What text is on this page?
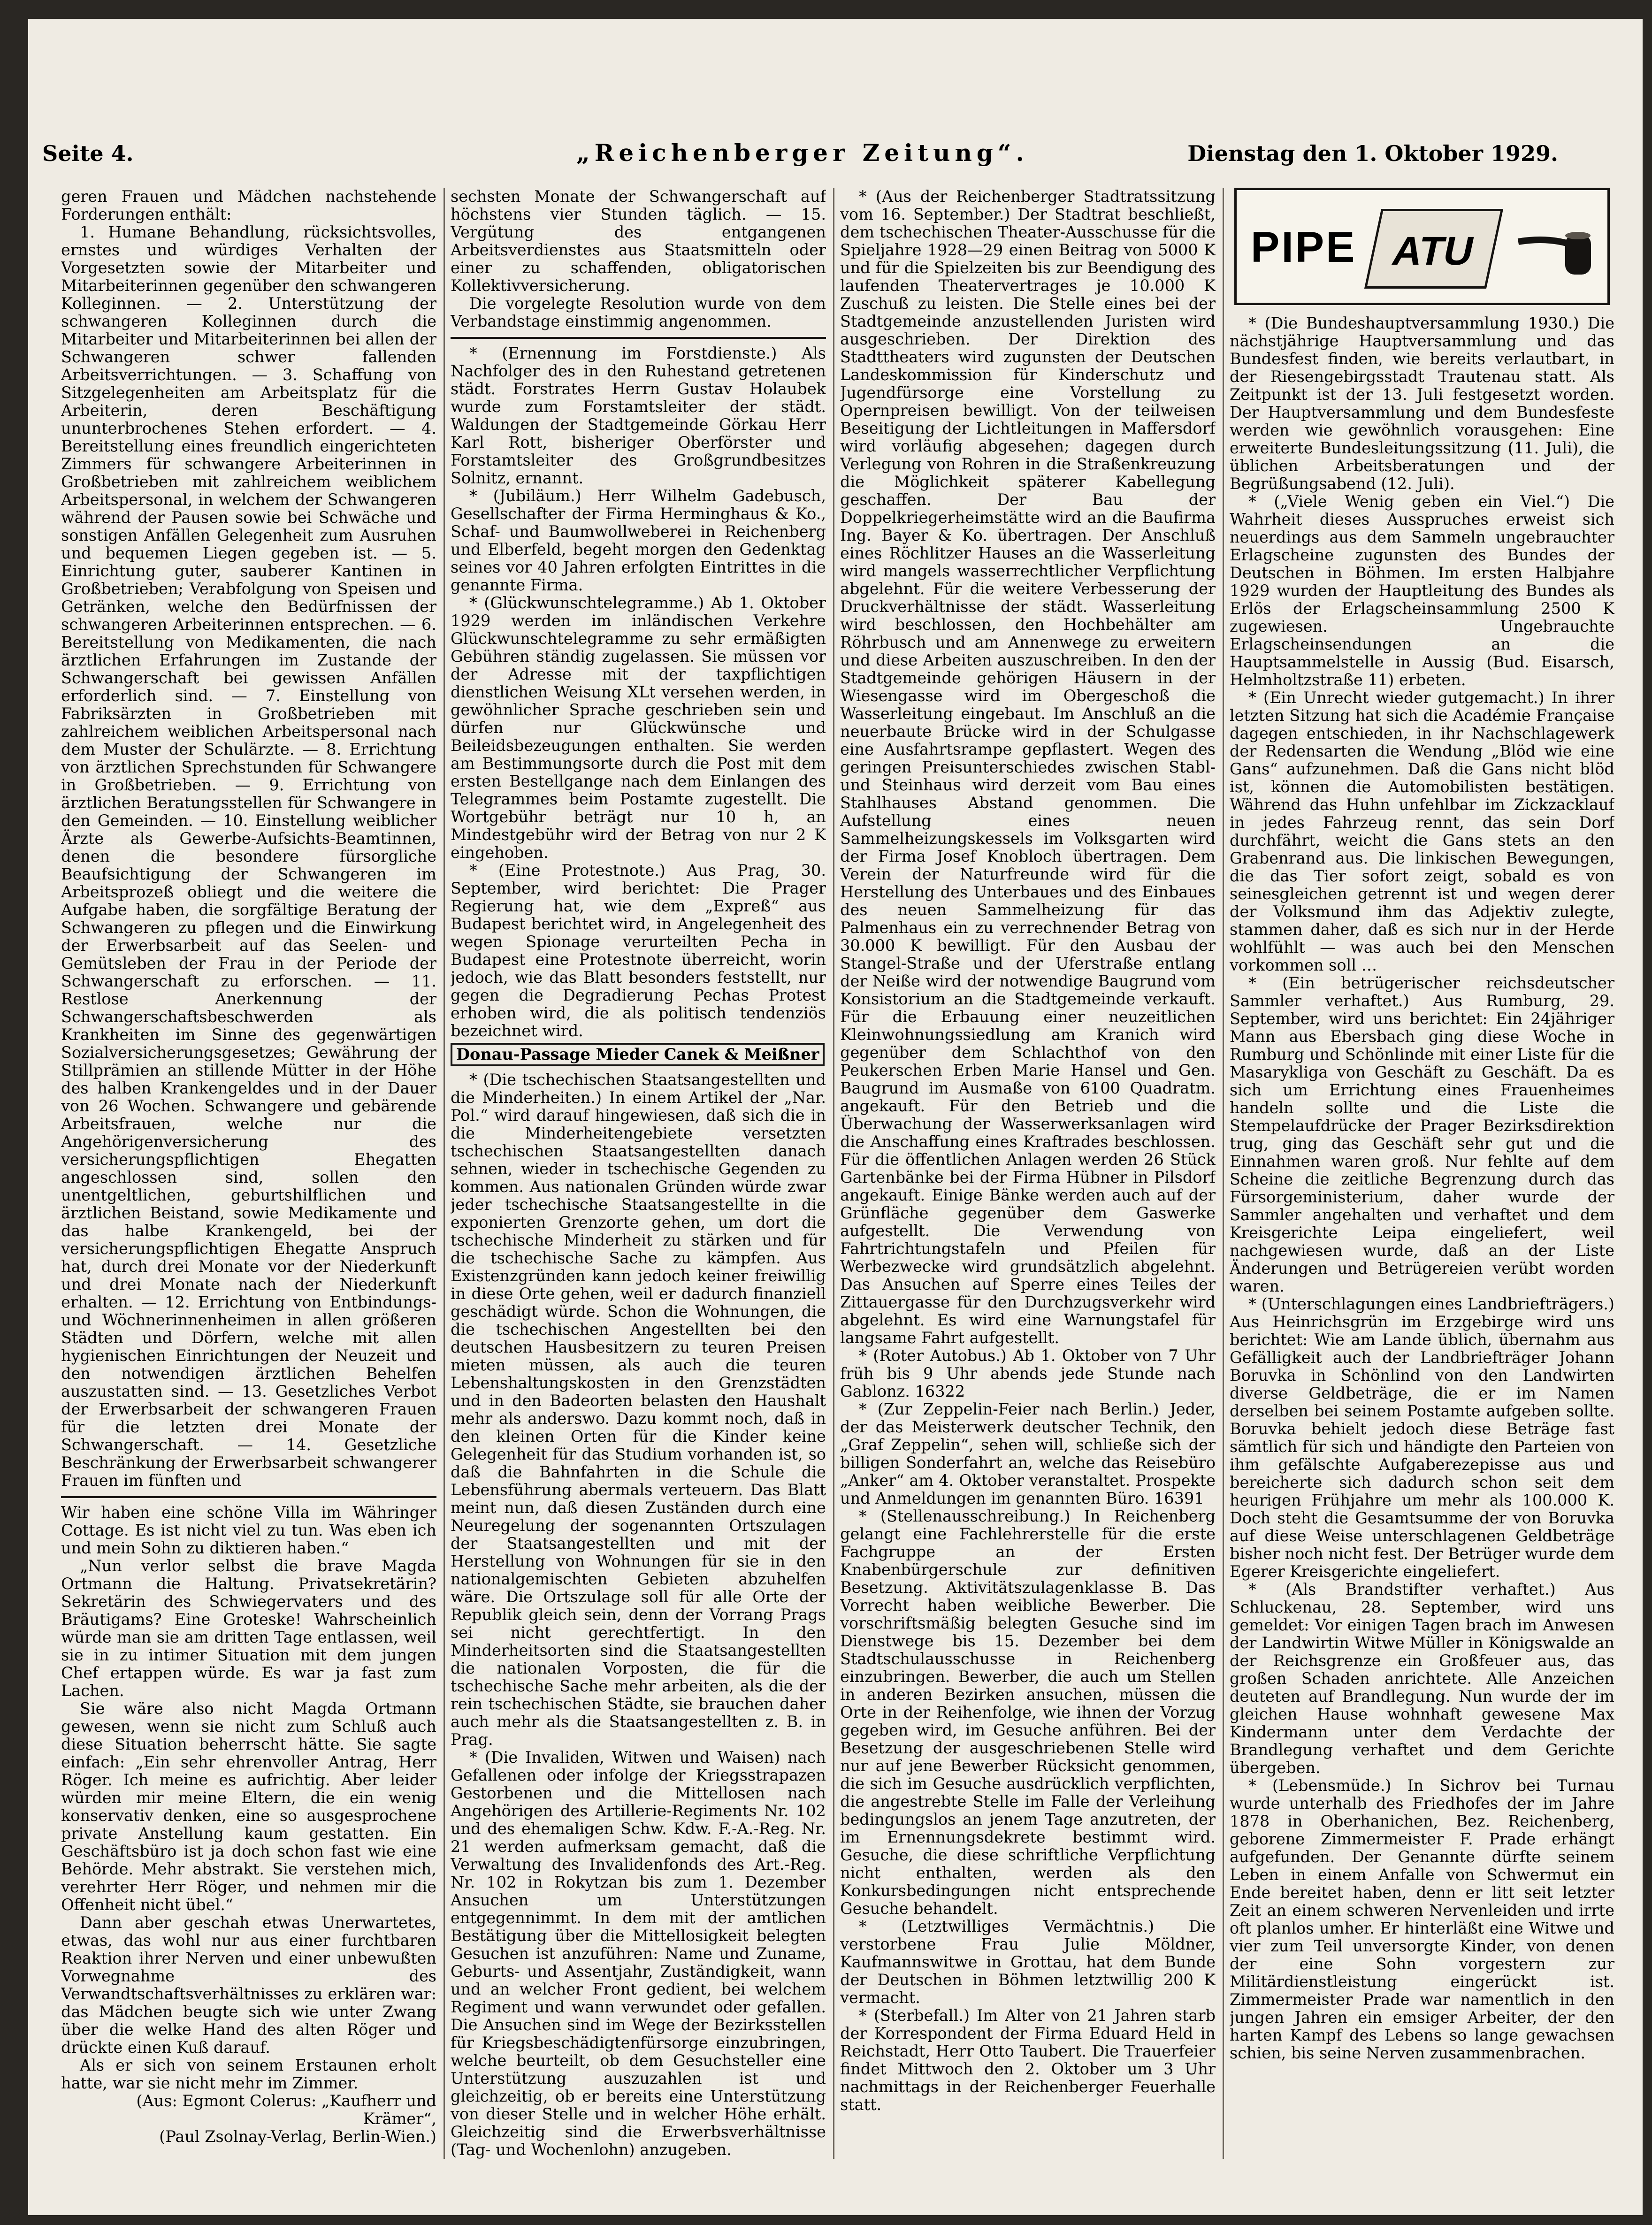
Seite 4.	„Reichenberger Zeitung“.	Dienstag den 1. Oktober 1929.

geren Frauen und Mädchen nachstehende Forderungen enthält:

1. Humane Behandlung, rücksichtsvolles, ernstes und würdiges Verhalten der Vorgesetzten sowie der Mitarbeiter und Mitarbeiterinnen gegenüber den schwangeren Kolleginnen. — 2. Unterstützung der schwangeren Kolleginnen durch die Mitarbeiter und Mitarbeiterinnen bei allen der Schwangeren schwer fallenden Arbeitsverrichtungen. — 3. Schaffung von Sitzgelegenheiten am Arbeitsplatz für die Arbeiterin, deren Beschäftigung ununterbrochenes Stehen erfordert. — 4. Bereitstellung eines freundlich eingerichteten Zimmers für schwangere Arbeiterinnen in Großbetrieben mit zahlreichem weiblichem Arbeitspersonal, in welchem der Schwangeren während der Pausen sowie bei Schwäche und sonstigen Anfällen Gelegenheit zum Ausruhen und bequemen Liegen gegeben ist. — 5. Einrichtung guter, sauberer Kantinen in Großbetrieben; Verabfolgung von Speisen und Getränken, welche den Bedürfnissen der schwangeren Arbeiterinnen entsprechen. — 6. Bereitstellung von Medikamenten, die nach ärztlichen Erfahrungen im Zustande der Schwangerschaft bei gewissen Anfällen erforderlich sind. — 7. Einstellung von Fabriksärzten in Großbetrieben mit zahlreichem weiblichen Arbeitspersonal nach dem Muster der Schulärzte. — 8. Errichtung von ärztlichen Sprechstunden für Schwangere in Großbetrieben. — 9. Errichtung von ärztlichen Beratungsstellen für Schwangere in den Gemeinden. — 10. Einstellung weiblicher Ärzte als Gewerbe-Aufsichts-Beamtinnen, denen die besondere fürsorgliche Beaufsichtigung der Schwangeren im Arbeitsprozeß obliegt und die weitere die Aufgabe haben, die sorgfältige Beratung der Schwangeren zu pflegen und die Einwirkung der Erwerbsarbeit auf das Seelen- und Gemütsleben der Frau in der Periode der Schwangerschaft zu erforschen. — 11. Restlose Anerkennung der Schwangerschaftsbeschwerden als Krankheiten im Sinne des gegenwärtigen Sozialversicherungsgesetzes; Gewährung der Stillprämien an stillende Mütter in der Höhe des halben Krankengeldes und in der Dauer von 26 Wochen. Schwangere und gebärende Arbeitsfrauen, welche nur die Angehörigenversicherung des versicherungspflichtigen Ehegatten angeschlossen sind, sollen den unentgeltlichen, geburtshilflichen und ärztlichen Beistand, sowie Medikamente und das halbe Krankengeld, bei der versicherungspflichtigen Ehegatte Anspruch hat, durch drei Monate vor der Niederkunft und drei Monate nach der Niederkunft erhalten. — 12. Errichtung von Entbindungs- und Wöchnerinnenheimen in allen größeren Städten und Dörfern, welche mit allen hygienischen Einrichtungen der Neuzeit und den notwendigen ärztlichen Behelfen auszustatten sind. — 13. Gesetzliches Verbot der Erwerbsarbeit der schwangeren Frauen für die letzten drei Monate der Schwangerschaft. — 14. Gesetzliche Beschränkung der Erwerbsarbeit schwangerer Frauen im fünften und

Wir haben eine schöne Villa im Währinger Cottage. Es ist nicht viel zu tun. Was eben ich und mein Sohn zu diktieren haben.“

„Nun verlor selbst die brave Magda Ortmann die Haltung. Privatsekretärin? Sekretärin des Schwiegervaters und des Bräutigams? Eine Groteske! Wahrscheinlich würde man sie am dritten Tage entlassen, weil sie in zu intimer Situation mit dem jungen Chef ertappen würde. Es war ja fast zum Lachen.

Sie wäre also nicht Magda Ortmann gewesen, wenn sie nicht zum Schluß auch diese Situation beherrscht hätte. Sie sagte einfach: „Ein sehr ehrenvoller Antrag, Herr Röger. Ich meine es aufrichtig. Aber leider würden mir meine Eltern, die ein wenig konservativ denken, eine so ausgesprochene private Anstellung kaum gestatten. Ein Geschäftsbüro ist ja doch schon fast wie eine Behörde. Mehr abstrakt. Sie verstehen mich, verehrter Herr Röger, und nehmen mir die Offenheit nicht übel.“

Dann aber geschah etwas Unerwartetes, etwas, das wohl nur aus einer furchtbaren Reaktion ihrer Nerven und einer unbewußten Vorwegnahme des Verwandtschaftsverhältnisses zu erklären war: das Mädchen beugte sich wie unter Zwang über die welke Hand des alten Röger und drückte einen Kuß darauf.

Als er sich von seinem Erstaunen erholt hatte, war sie nicht mehr im Zimmer.

(Aus: Egmont Colerus: „Kaufherr und Krämer“,

(Paul Zsolnay-Verlag, Berlin-Wien.)

sechsten Monate der Schwangerschaft auf höchstens vier Stunden täglich. — 15. Vergütung des entgangenen Arbeitsverdienstes aus Staatsmitteln oder einer zu schaffenden, obligatorischen Kollektivversicherung.

Die vorgelegte Resolution wurde von dem Verbandstage einstimmig angenommen.

* (Ernennung im Forstdienste.) Als Nachfolger des in den Ruhestand getretenen städt. Forstrates Herrn Gustav Holaubek wurde zum Forstamtsleiter der städt. Waldungen der Stadtgemeinde Görkau Herr Karl Rott, bisheriger Oberförster und Forstamtsleiter des Großgrundbesitzes Solnitz, ernannt.

* (Jubiläum.) Herr Wilhelm Gadebusch, Gesellschafter der Firma Herminghaus & Ko., Schaf- und Baumwollweberei in Reichenberg und Elberfeld, begeht morgen den Gedenktag seines vor 40 Jahren erfolgten Eintrittes in die genannte Firma.

* (Glückwunschtelegramme.) Ab 1. Oktober 1929 werden im inländischen Verkehre Glückwunschtelegramme zu sehr ermäßigten Gebühren ständig zugelassen. Sie müssen vor der Adresse mit der taxpflichtigen dienstlichen Weisung XLt versehen werden, in gewöhnlicher Sprache geschrieben sein und dürfen nur Glückwünsche und Beileidsbezeugungen enthalten. Sie werden am Bestimmungsorte durch die Post mit dem ersten Bestellgange nach dem Einlangen des Telegrammes beim Postamte zugestellt. Die Wortgebühr beträgt nur 10 h, an Mindestgebühr wird der Betrag von nur 2 K eingehoben.

* (Eine Protestnote.) Aus Prag, 30. September, wird berichtet: Die Prager Regierung hat, wie dem „Expreß“ aus Budapest berichtet wird, in Angelegenheit des wegen Spionage verurteilten Pecha in Budapest eine Protestnote überreicht, worin jedoch, wie das Blatt besonders feststellt, nur gegen die Degradierung Pechas Protest erhoben wird, die als politisch tendenziös bezeichnet wird.

Donau-Passage Mieder Canek & Meißner

* (Die tschechischen Staatsangestellten und die Minderheiten.) In einem Artikel der „Nar. Pol.“ wird darauf hingewiesen, daß sich die in die Minderheitengebiete versetzten tschechischen Staatsangestellten danach sehnen, wieder in tschechische Gegenden zu kommen. Aus nationalen Gründen würde zwar jeder tschechische Staatsangestellte in die exponierten Grenzorte gehen, um dort die tschechische Minderheit zu stärken und für die tschechische Sache zu kämpfen. Aus Existenzgründen kann jedoch keiner freiwillig in diese Orte gehen, weil er dadurch finanziell geschädigt würde. Schon die Wohnungen, die die tschechischen Angestellten bei den deutschen Hausbesitzern zu teuren Preisen mieten müssen, als auch die teuren Lebenshaltungskosten in den Grenzstädten und in den Badeorten belasten den Haushalt mehr als anderswo. Dazu kommt noch, daß in den kleinen Orten für die Kinder keine Gelegenheit für das Studium vorhanden ist, so daß die Bahnfahrten in die Schule die Lebensführung abermals verteuern. Das Blatt meint nun, daß diesen Zuständen durch eine Neuregelung der sogenannten Ortszulagen der Staatsangestellten und mit der Herstellung von Wohnungen für sie in den nationalgemischten Gebieten abzuhelfen wäre. Die Ortszulage soll für alle Orte der Republik gleich sein, denn der Vorrang Prags sei nicht gerechtfertigt. In den Minderheitsorten sind die Staatsangestellten die nationalen Vorposten, die für die tschechische Sache mehr arbeiten, als die der rein tschechischen Städte, sie brauchen daher auch mehr als die Staatsangestellten z. B. in Prag.

* (Die Invaliden, Witwen und Waisen) nach Gefallenen oder infolge der Kriegsstrapazen Gestorbenen und die Mittellosen nach Angehörigen des Artillerie-Regiments Nr. 102 und des ehemaligen Schw. Kdw. F.-A.-Reg. Nr. 21 werden aufmerksam gemacht, daß die Verwaltung des Invalidenfonds des Art.-Reg. Nr. 102 in Rokytzan bis zum 1. Dezember Ansuchen um Unterstützungen entgegennimmt. In dem mit der amtlichen Bestätigung über die Mittellosigkeit belegten Gesuchen ist anzuführen: Name und Zuname, Geburts- und Assentjahr, Zuständigkeit, wann und an welcher Front gedient, bei welchem Regiment und wann verwundet oder gefallen. Die Ansuchen sind im Wege der Bezirksstellen für Kriegsbeschädigtenfürsorge einzubringen, welche beurteilt, ob dem Gesuchsteller eine Unterstützung auszuzahlen ist und gleichzeitig, ob er bereits eine Unterstützung von dieser Stelle und in welcher Höhe erhält. Gleichzeitig sind die Erwerbsverhältnisse (Tag- und Wochenlohn) anzugeben.

* (Aus der Reichenberger Stadtratssitzung vom 16. September.) Der Stadtrat beschließt, dem tschechischen Theater-Ausschusse für die Spieljahre 1928—29 einen Beitrag von 5000 K und für die Spielzeiten bis zur Beendigung des laufenden Theatervertrages je 10.000 K Zuschuß zu leisten. Die Stelle eines bei der Stadtgemeinde anzustellenden Juristen wird ausgeschrieben. Der Direktion des Stadttheaters wird zugunsten der Deutschen Landeskommission für Kinderschutz und Jugendfürsorge eine Vorstellung zu Opernpreisen bewilligt. Von der teilweisen Beseitigung der Lichtleitungen in Maffersdorf wird vorläufig abgesehen; dagegen durch Verlegung von Rohren in die Straßenkreuzung die Möglichkeit späterer Kabellegung geschaffen. Der Bau der Doppelkriegerheimstätte wird an die Baufirma Ing. Bayer & Ko. übertragen. Der Anschluß eines Röchlitzer Hauses an die Wasserleitung wird mangels wasserrechtlicher Verpflichtung abgelehnt. Für die weitere Verbesserung der Druckverhältnisse der städt. Wasserleitung wird beschlossen, den Hochbehälter am Röhrbusch und am Annenwege zu erweitern und diese Arbeiten auszuschreiben. In den der Stadtgemeinde gehörigen Häusern in der Wiesengasse wird im Obergeschoß die Wasserleitung eingebaut. Im Anschluß an die neuerbaute Brücke wird in der Schulgasse eine Ausfahrtsrampe gepflastert. Wegen des geringen Preisunterschiedes zwischen Stabl- und Steinhaus wird derzeit vom Bau eines Stahlhauses Abstand genommen. Die Aufstellung eines neuen Sammelheizungskessels im Volksgarten wird der Firma Josef Knobloch übertragen. Dem Verein der Naturfreunde wird für die Herstellung des Unterbaues und des Einbaues des neuen Sammelheizung für das Palmenhaus ein zu verrechnender Betrag von 30.000 K bewilligt. Für den Ausbau der Stangel-Straße und der Uferstraße entlang der Neiße wird der notwendige Baugrund vom Konsistorium an die Stadtgemeinde verkauft. Für die Erbauung einer neuzeitlichen Kleinwohnungssiedlung am Kranich wird gegenüber dem Schlachthof von den Peukerschen Erben Marie Hansel und Gen. Baugrund im Ausmaße von 6100 Quadratm. angekauft. Für den Betrieb und die Überwachung der Wasserwerksanlagen wird die Anschaffung eines Kraftrades beschlossen. Für die öffentlichen Anlagen werden 26 Stück Gartenbänke bei der Firma Hübner in Pilsdorf angekauft. Einige Bänke werden auch auf der Grünfläche gegenüber dem Gaswerke aufgestellt. Die Verwendung von Fahrtrichtungstafeln und Pfeilen für Werbezwecke wird grundsätzlich abgelehnt. Das Ansuchen auf Sperre eines Teiles der Zittauergasse für den Durchzugsverkehr wird abgelehnt. Es wird eine Warnungstafel für langsame Fahrt aufgestellt.

* (Roter Autobus.) Ab 1. Oktober von 7 Uhr früh bis 9 Uhr abends jede Stunde nach Gablonz. 16322

* (Zur Zeppelin-Feier nach Berlin.) Jeder, der das Meisterwerk deutscher Technik, den „Graf Zeppelin“, sehen will, schließe sich der billigen Sonderfahrt an, welche das Reisebüro „Anker“ am 4. Oktober veranstaltet. Prospekte und Anmeldungen im genannten Büro. 16391

* (Stellenausschreibung.) In Reichenberg gelangt eine Fachlehrerstelle für die erste Fachgruppe an der Ersten Knabenbürgerschule zur definitiven Besetzung. Aktivitätszulagenklasse B. Das Vorrecht haben weibliche Bewerber. Die vorschriftsmäßig belegten Gesuche sind im Dienstwege bis 15. Dezember bei dem Stadtschulausschusse in Reichenberg einzubringen. Bewerber, die auch um Stellen in anderen Bezirken ansuchen, müssen die Orte in der Reihenfolge, wie ihnen der Vorzug gegeben wird, im Gesuche anführen. Bei der Besetzung der ausgeschriebenen Stelle wird nur auf jene Bewerber Rücksicht genommen, die sich im Gesuche ausdrücklich verpflichten, die angestrebte Stelle im Falle der Verleihung bedingungslos an jenem Tage anzutreten, der im Ernennungsdekrete bestimmt wird. Gesuche, die diese schriftliche Verpflichtung nicht enthalten, werden als den Konkursbedingungen nicht entsprechende Gesuche behandelt.

* (Letztwilliges Vermächtnis.) Die verstorbene Frau Julie Möldner, Kaufmannswitwe in Grottau, hat dem Bunde der Deutschen in Böhmen letztwillig 200 K vermacht.

* (Sterbefall.) Im Alter von 21 Jahren starb der Korrespondent der Firma Eduard Held in Reichstadt, Herr Otto Taubert. Die Trauerfeier findet Mittwoch den 2. Oktober um 3 Uhr nachmittags in der Reichenberger Feuerhalle statt.

PIPE ATU

* (Die Bundeshauptversammlung 1930.) Die nächstjährige Hauptversammlung und das Bundesfest finden, wie bereits verlautbart, in der Riesengebirgsstadt Trautenau statt. Als Zeitpunkt ist der 13. Juli festgesetzt worden. Der Hauptversammlung und dem Bundesfeste werden wie gewöhnlich vorausgehen: Eine erweiterte Bundesleitungssitzung (11. Juli), die üblichen Arbeitsberatungen und der Begrüßungsabend (12. Juli).

* („Viele Wenig geben ein Viel.“) Die Wahrheit dieses Ausspruches erweist sich neuerdings aus dem Sammeln ungebrauchter Erlagscheine zugunsten des Bundes der Deutschen in Böhmen. Im ersten Halbjahre 1929 wurden der Hauptleitung des Bundes als Erlös der Erlagscheinsammlung 2500 K zugewiesen. Ungebrauchte Erlagscheinsendungen an die Hauptsammelstelle in Aussig (Bud. Eisarsch, Helmholtzstraße 11) erbeten.

* (Ein Unrecht wieder gutgemacht.) In ihrer letzten Sitzung hat sich die Académie Française dagegen entschieden, in ihr Nachschlagewerk der Redensarten die Wendung „Blöd wie eine Gans“ aufzunehmen. Daß die Gans nicht blöd ist, können die Automobilisten bestätigen. Während das Huhn unfehlbar im Zickzacklauf in jedes Fahrzeug rennt, das sein Dorf durchfährt, weicht die Gans stets an den Grabenrand aus. Die linkischen Bewegungen, die das Tier sofort zeigt, sobald es von seinesgleichen getrennt ist und wegen derer der Volksmund ihm das Adjektiv zulegte, stammen daher, daß es sich nur in der Herde wohlfühlt — was auch bei den Menschen vorkommen soll …

* (Ein betrügerischer reichsdeutscher Sammler verhaftet.) Aus Rumburg, 29. September, wird uns berichtet: Ein 24jähriger Mann aus Ebersbach ging diese Woche in Rumburg und Schönlinde mit einer Liste für die Masarykliga von Geschäft zu Geschäft. Da es sich um Errichtung eines Frauenheimes handeln sollte und die Liste die Stempelaufdrücke der Prager Bezirksdirektion trug, ging das Geschäft sehr gut und die Einnahmen waren groß. Nur fehlte auf dem Scheine die zeitliche Begrenzung durch das Fürsorgeministerium, daher wurde der Sammler angehalten und verhaftet und dem Kreisgerichte Leipa eingeliefert, weil nachgewiesen wurde, daß an der Liste Änderungen und Betrügereien verübt worden waren.

* (Unterschlagungen eines Landbriefträgers.) Aus Heinrichsgrün im Erzgebirge wird uns berichtet: Wie am Lande üblich, übernahm aus Gefälligkeit auch der Landbriefträger Johann Boruvka in Schönlind von den Landwirten diverse Geldbeträge, die er im Namen derselben bei seinem Postamte aufgeben sollte. Boruvka behielt jedoch diese Beträge fast sämtlich für sich und händigte den Parteien von ihm gefälschte Aufgaberezepisse aus und bereicherte sich dadurch schon seit dem heurigen Frühjahre um mehr als 100.000 K. Doch steht die Gesamtsumme der von Boruvka auf diese Weise unterschlagenen Geldbeträge bisher noch nicht fest. Der Betrüger wurde dem Egerer Kreisgerichte eingeliefert.

* (Als Brandstifter verhaftet.) Aus Schluckenau, 28. September, wird uns gemeldet: Vor einigen Tagen brach im Anwesen der Landwirtin Witwe Müller in Königswalde an der Reichsgrenze ein Großfeuer aus, das großen Schaden anrichtete. Alle Anzeichen deuteten auf Brandlegung. Nun wurde der im gleichen Hause wohnhaft gewesene Max Kindermann unter dem Verdachte der Brandlegung verhaftet und dem Gerichte übergeben.

* (Lebensmüde.) In Sichrov bei Turnau wurde unterhalb des Friedhofes der im Jahre 1878 in Oberhanichen, Bez. Reichenberg, geborene Zimmermeister F. Prade erhängt aufgefunden. Der Genannte dürfte seinem Leben in einem Anfalle von Schwermut ein Ende bereitet haben, denn er litt seit letzter Zeit an einem schweren Nervenleiden und irrte oft planlos umher. Er hinterläßt eine Witwe und vier zum Teil unversorgte Kinder, von denen der eine Sohn vorgestern zur Militärdienstleistung eingerückt ist. Zimmermeister Prade war namentlich in den jungen Jahren ein emsiger Arbeiter, der den harten Kampf des Lebens so lange gewachsen schien, bis seine Nerven zusammenbrachen.
